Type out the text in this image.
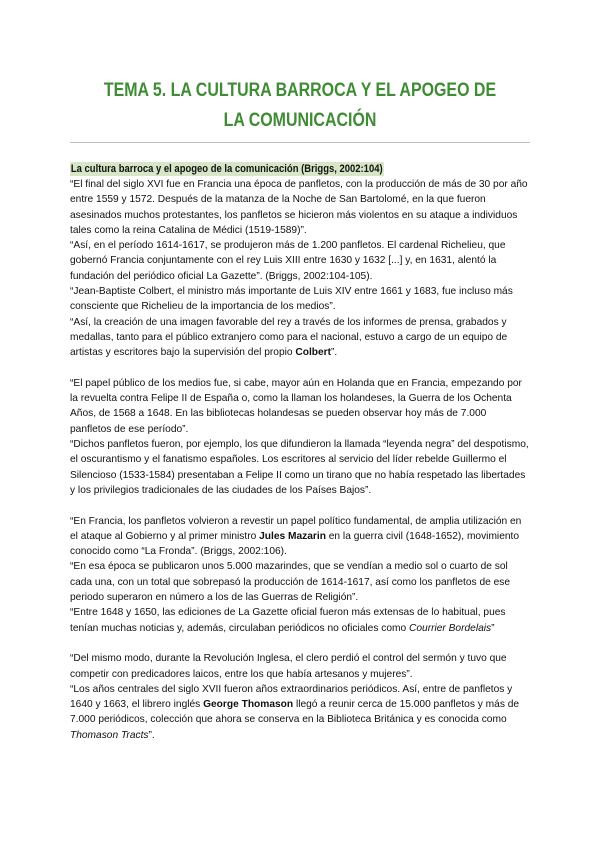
TEMA 5. LA CULTURA BARROCA Y EL APOGEO DE LA COMUNICACIÓN
La cultura barroca y el apogeo de la comunicación (Briggs, 2002:104)

“El final del siglo XVI fue en Francia una época de panfletos, con la producción de más de 30 por año entre 1559 y 1572. Después de la matanza de la Noche de San Bartolomé, en la que fueron asesinados muchos protestantes, los panfletos se hicieron más violentos en su ataque a individuos tales como la reina Catalina de Médici (1519-1589)”.

“Así, en el período 1614-1617, se produjeron más de 1.200 panfletos. El cardenal Richelieu, que gobernó Francia conjuntamente con el rey Luis XIII entre 1630 y 1632 [...] y, en 1631, alentó la fundación del periódico oficial La Gazette”. (Briggs, 2002:104-105).

“Jean-Baptiste Colbert, el ministro más importante de Luis XIV entre 1661 y 1683, fue incluso más consciente que Richelieu de la importancia de los medios”.

“Así, la creación de una imagen favorable del rey a través de los informes de prensa, grabados y medallas, tanto para el público extranjero como para el nacional, estuvo a cargo de un equipo de artistas y escritores bajo la supervisión del propio Colbert”.

“El papel público de los medios fue, si cabe, mayor aún en Holanda que en Francia, empezando por la revuelta contra Felipe II de España o, como la llaman los holandeses, la Guerra de los Ochenta Años, de 1568 a 1648. En las bibliotecas holandesas se pueden observar hoy más de 7.000 panfletos de ese período”.

“Dichos panfletos fueron, por ejemplo, los que difundieron la llamada “leyenda negra” del despotismo, el oscurantismo y el fanatismo españoles. Los escritores al servicio del líder rebelde Guillermo el Silencioso (1533-1584) presentaban a Felipe II como un tirano que no había respetado las libertades y los privilegios tradicionales de las ciudades de los Países Bajos”.

“En Francia, los panfletos volvieron a revestir un papel político fundamental, de amplia utilización en el ataque al Gobierno y al primer ministro Jules Mazarin en la guerra civil (1648-1652), movimiento conocido como “La Fronda”. (Briggs, 2002:106).

“En esa época se publicaron unos 5.000 mazarindes, que se vendían a medio sol o cuarto de sol cada una, con un total que sobrepasó la producción de 1614-1617, así como los panfletos de ese periodo superaron en número a los de las Guerras de Religión”.

“Entre 1648 y 1650, las ediciones de La Gazette oficial fueron más extensas de lo habitual, pues tenían muchas noticias y, además, circulaban periódicos no oficiales como Courrier Bordelais”

“Del mismo modo, durante la Revolución Inglesa, el clero perdió el control del sermón y tuvo que competir con predicadores laicos, entre los que había artesanos y mujeres”.

“Los años centrales del siglo XVII fueron años extraordinarios periódicos. Así, entre de panfletos y 1640 y 1663, el librero inglés George Thomason llegó a reunir cerca de 15.000 panfletos y más de 7.000 periódicos, colección que ahora se conserva en la Biblioteca Británica y es conocida como Thomason Tracts”.
